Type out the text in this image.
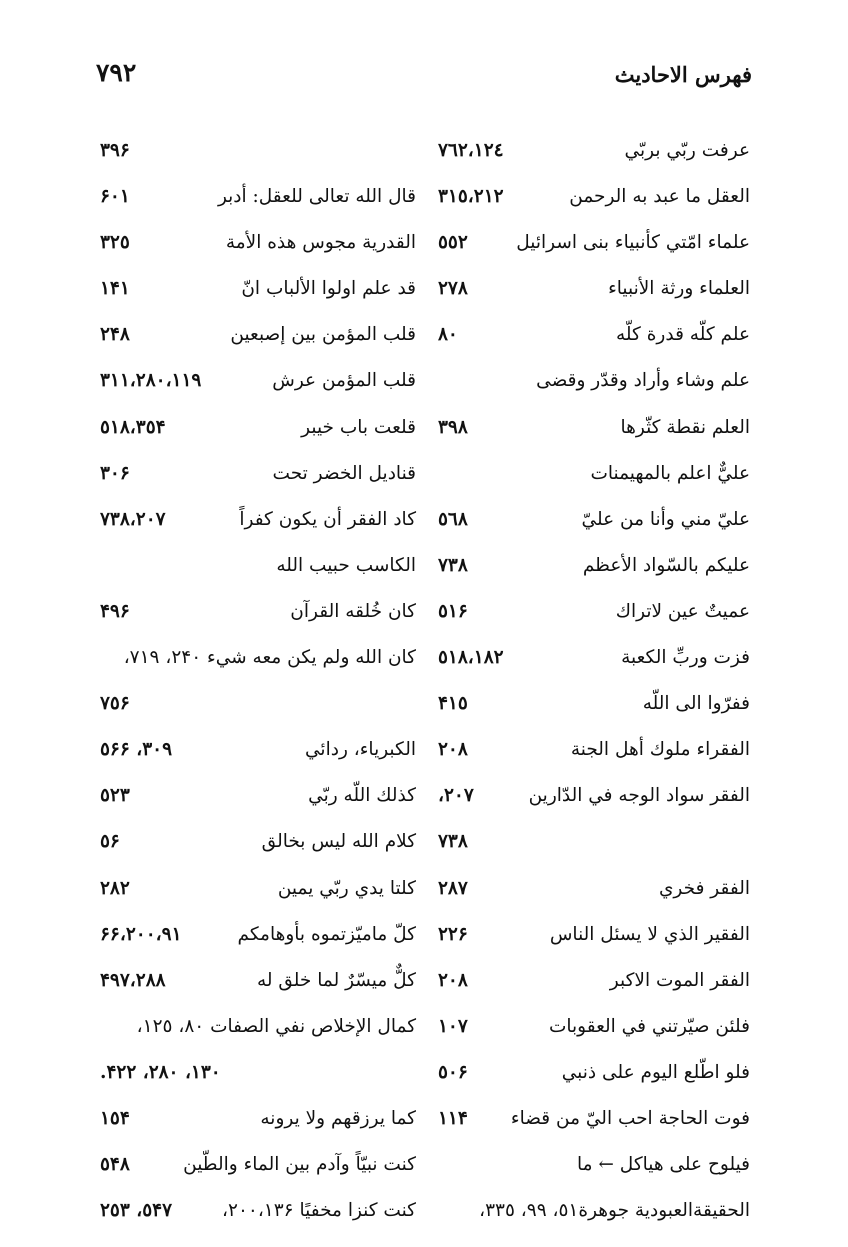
٧٩٢	فهرس الاحاديث
عرفت ربّي بربّي
٧٦٢،١٢٤
العقل ما عبد به الرحمن
٣١٥،٢١٢
علماء امّتي كأنبياء بنى اسرائيل
٥٥٢
العلماء ورثة الأنبياء
٢٧٨
علم كلّه قدرة كلّه
٨٠
علم وشاء وأراد وقدّر وقضى
العلم نقطة كثّرها
٣٩٨
عليٌّ اعلم بالمهيمنات
عليّ مني وأنا من عليّ
٥٦٨
عليكم بالسّواد الأعظم
٧٣٨
عميتٌ عين لاتراك
٥١۶
فزت وربِّ الكعبة
٥١٨،١٨٢
ففرّوا الى اللّه
۴١٥
الفقراء ملوك أهل الجنة
٢٠٨
الفقر سواد الوجه في الدّارين
٢٠٧،
٧٣٨
الفقر فخري
٢٨٧
الفقير الذي لا يسئل الناس
٢٢۶
الفقر الموت الاكبر
٢٠٨
فلئن صيّرتني في العقوبات
١٠٧
فلو اطّلع اليوم على ذنبي
٥٠۶
فوت الحاجة احب اليّ من قضاء
١١۴
فيلوح على هياكل ← ما
الحقيقةالعبودية جوهرة٥١، ٩٩، ٣٣٥،
٣٩۶
قال الله تعالى للعقل: أدبر
۶٠١
القدرية مجوس هذه الأمة
٣٢٥
قد علم اولوا الألباب انّ
١۴١
قلب المؤمن بين إصبعين
٢۴٨
قلب المؤمن عرش
٣١١،٢٨٠،١١٩
قلعت باب خيبر
٥١٨،٣٥۴
قناديل الخضر تحت
٣٠۶
كاد الفقر أن يكون كفراً
٧٣٨،٢٠٧
الكاسب حبيب الله
كان خُلقه القرآن
۴٩۶
كان الله ولم يكن معه شيء ٢۴٠، ٧١٩،
٧٥۶
الكبرياء، ردائي
٣٠٩، ٥۶۶
كذلك اللّه ربّي
٥٢٣
كلام الله ليس بخالق
٥۶
كلتا يدي ربّي يمين
٢٨٢
كلّ ماميّزتموه بأوهامكم
٢٠٠،٩١،۶۶
كلٌّ ميسّرٌ لما خلق له
۴٩٧،٢٨٨
كمال الإخلاص نفي الصفات ٨٠، ١٢٥،
١٣٠، ٢٨٠، ۴٢٢.
كما يرزقهم ولا يرونه
١٥۴
كنت نبيّاً وآدم بين الماء والطّين
٥۴٨
كنت كنزا مخفيًا ٢٠٠،١٣۶،
٥۴٧، ٢٥٣
